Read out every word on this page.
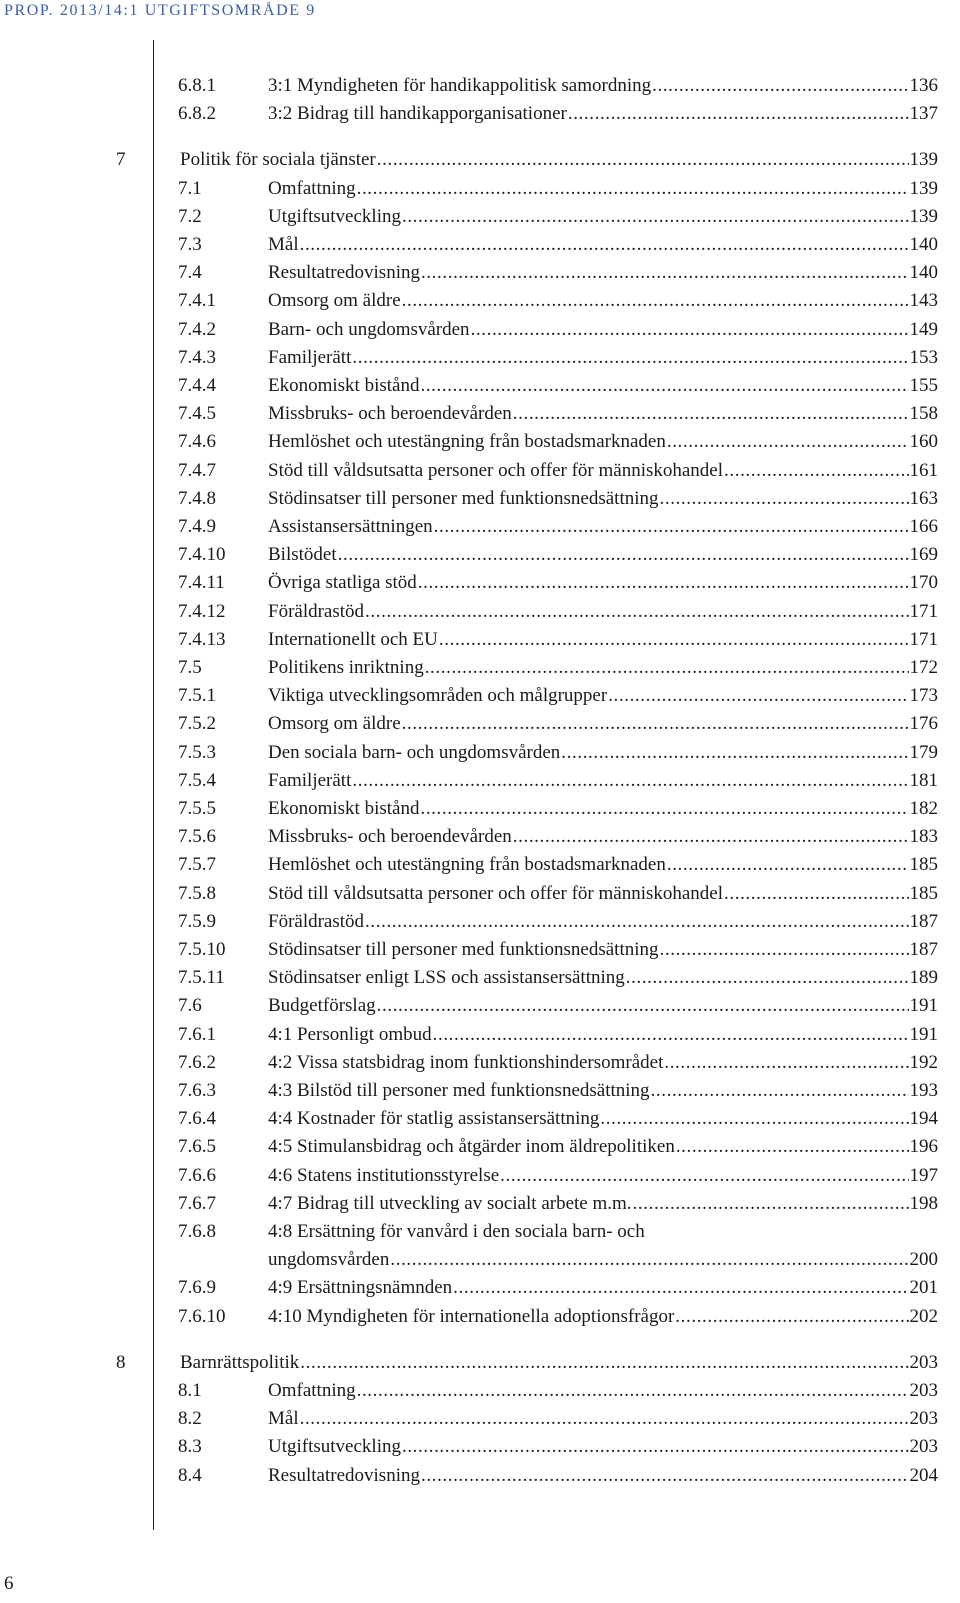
PROP. 2013/14:1 UTGIFTSOMRÅDE 9
6.8.1	3:1 Myndigheten för handikappolitisk samordning .....	136
6.8.2	3:2 Bidrag till handikapporganisationer .....	137
7	Politik för sociala tjänster .....	139
7.1	Omfattning .....	139
7.2	Utgiftsutveckling .....	139
7.3	Mål .....	140
7.4	Resultatredovisning .....	140
7.4.1	Omsorg om äldre .....	143
7.4.2	Barn- och ungdomsvården .....	149
7.4.3	Familjerätt .....	153
7.4.4	Ekonomiskt bistånd .....	155
7.4.5	Missbruks- och beroendevården .....	158
7.4.6	Hemlöshet och utestängning från bostadsmarknaden .....	160
7.4.7	Stöd till våldsutsatta personer och offer för människohandel .....	161
7.4.8	Stödinsatser till personer med funktionsnedsättning .....	163
7.4.9	Assistansersättningen .....	166
7.4.10 Bilstödet .....	169
7.4.11 Övriga statliga stöd .....	170
7.4.12 Föräldrastöd .....	171
7.4.13 Internationellt och EU .....	171
7.5	Politikens inriktning .....	172
7.5.1	Viktiga utvecklingsområden och målgrupper .....	173
7.5.2	Omsorg om äldre .....	176
7.5.3	Den sociala barn- och ungdomsvården .....	179
7.5.4	Familjerätt .....	181
7.5.5	Ekonomiskt bistånd .....	182
7.5.6	Missbruks- och beroendevården .....	183
7.5.7	Hemlöshet och utestängning från bostadsmarknaden .....	185
7.5.8	Stöd till våldsutsatta personer och offer för människohandel .....	185
7.5.9	Föräldrastöd .....	187
7.5.10 Stödinsatser till personer med funktionsnedsättning .....	187
7.5.11 Stödinsatser enligt LSS och assistansersättning .....	189
7.6	Budgetförslag .....	191
7.6.1	4:1 Personligt ombud .....	191
7.6.2	4:2 Vissa statsbidrag inom funktionshindersområdet .....	192
7.6.3	4:3 Bilstöd till personer med funktionsnedsättning .....	193
7.6.4	4:4 Kostnader för statlig assistansersättning .....	194
7.6.5	4:5 Stimulansbidrag och åtgärder inom äldrepolitiken .....	196
7.6.6	4:6 Statens institutionsstyrelse .....	197
7.6.7	4:7 Bidrag till utveckling av socialt arbete m.m. .....	198
7.6.8	4:8 Ersättning för vanvård i den sociala barn- och
ungdomsvården .....	200
7.6.9	4:9 Ersättningsnämnden .....	201
7.6.10 4:10 Myndigheten för internationella adoptionsfrågor .....	202
8	Barnrättspolitik .....	203
8.1	Omfattning .....	203
8.2	Mål .....	203
8.3	Utgiftsutveckling .....	203
8.4	Resultatredovisning .....	204
6
